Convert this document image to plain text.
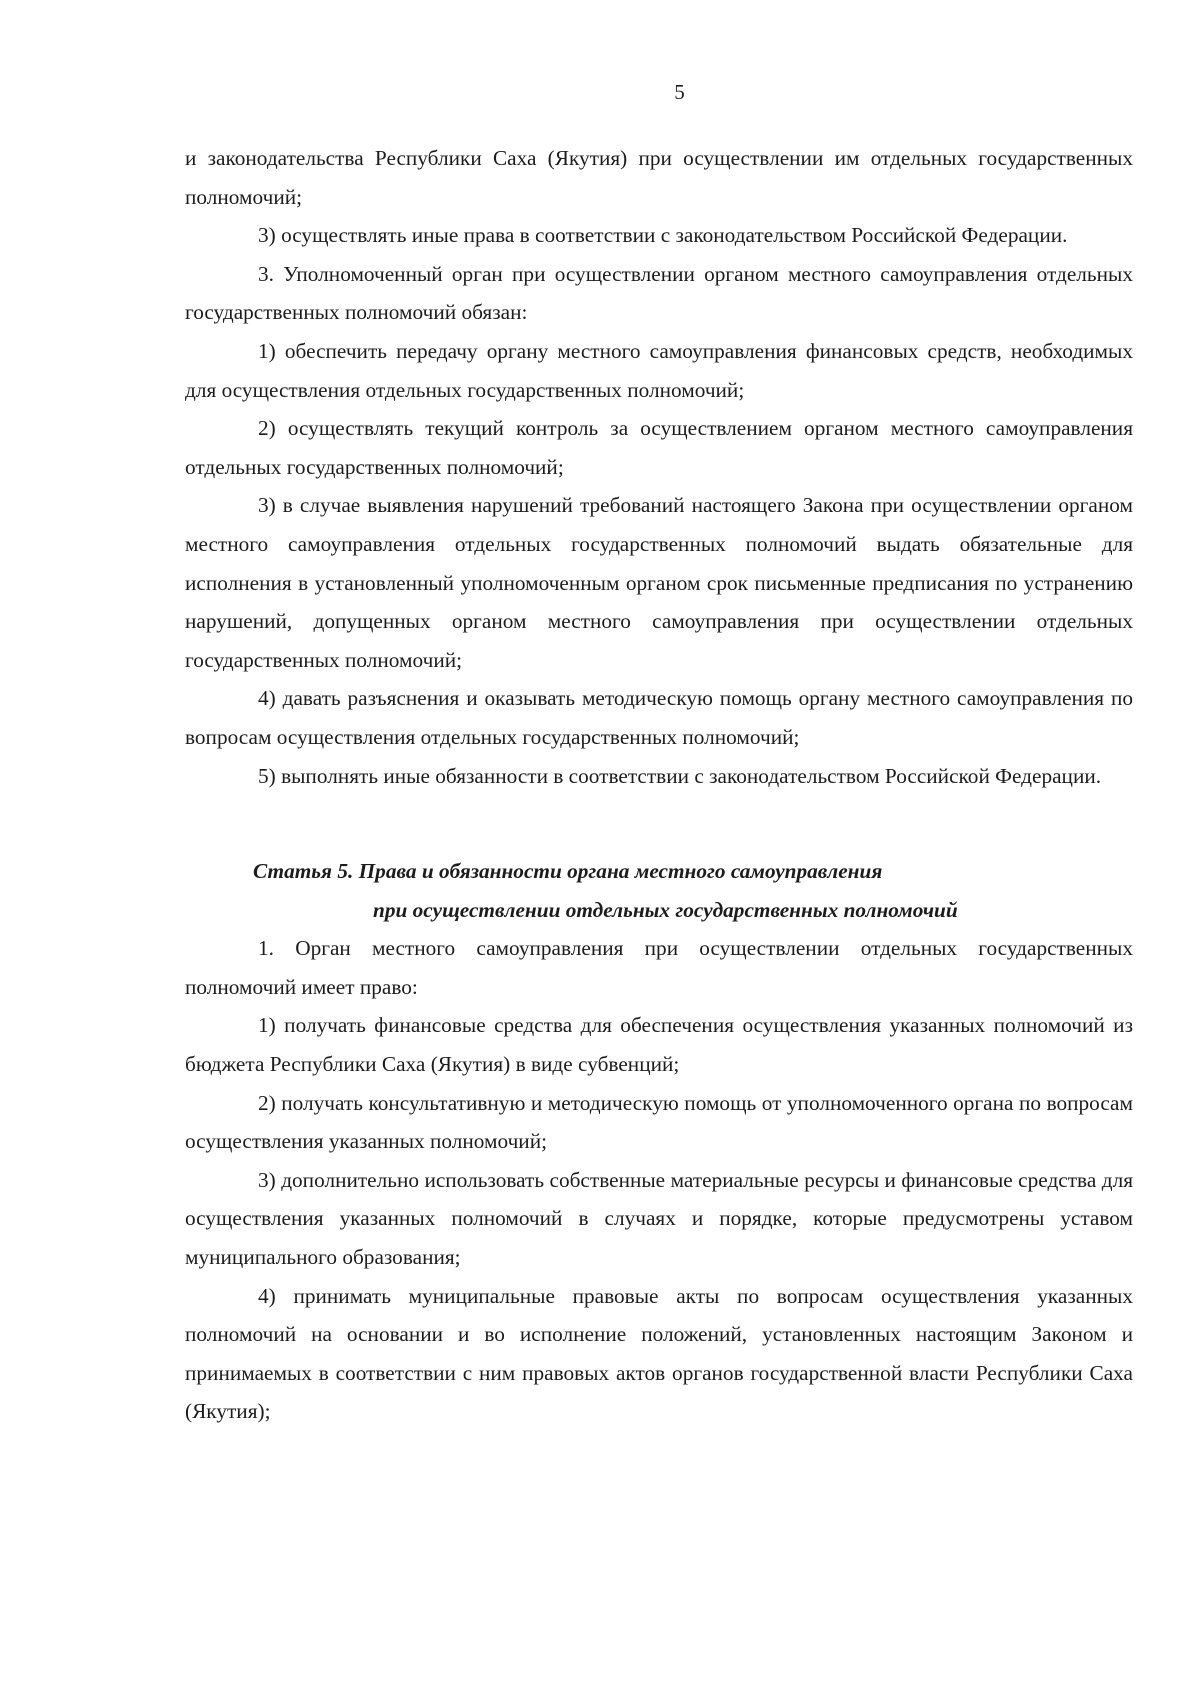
5

и законодательства Республики Саха (Якутия) при осуществлении им отдельных государственных полномочий;

3) осуществлять иные права в соответствии с законодательством Российской Федерации.

3. Уполномоченный орган при осуществлении органом местного самоуправления отдельных государственных полномочий обязан:

1) обеспечить передачу органу местного самоуправления финансовых средств, необходимых для осуществления отдельных государственных полномочий;

2) осуществлять текущий контроль за осуществлением органом местного самоуправления отдельных государственных полномочий;

3) в случае выявления нарушений требований настоящего Закона при осуществлении органом местного самоуправления отдельных государственных полномочий выдать обязательные для исполнения в установленный уполномоченным органом срок письменные предписания по устранению нарушений, допущенных органом местного самоуправления при осуществлении отдельных государственных полномочий;

4) давать разъяснения и оказывать методическую помощь органу местного самоуправления по вопросам осуществления отдельных государственных полномочий;

5) выполнять иные обязанности в соответствии с законодательством Российской Федерации.

Статья 5. Права и обязанности органа местного самоуправления

при осуществлении отдельных государственных полномочий

1. Орган местного самоуправления при осуществлении отдельных государственных полномочий имеет право:

1) получать финансовые средства для обеспечения осуществления указанных полномочий из бюджета Республики Саха (Якутия) в виде субвенций;

2) получать консультативную и методическую помощь от уполномоченного органа по вопросам осуществления указанных полномочий;

3) дополнительно использовать собственные материальные ресурсы и финансовые средства для осуществления указанных полномочий в случаях и порядке, которые предусмотрены уставом муниципального образования;

4) принимать муниципальные правовые акты по вопросам осуществления указанных полномочий на основании и во исполнение положений, установленных настоящим Законом и принимаемых в соответствии с ним правовых актов органов государственной власти Республики Саха (Якутия);
